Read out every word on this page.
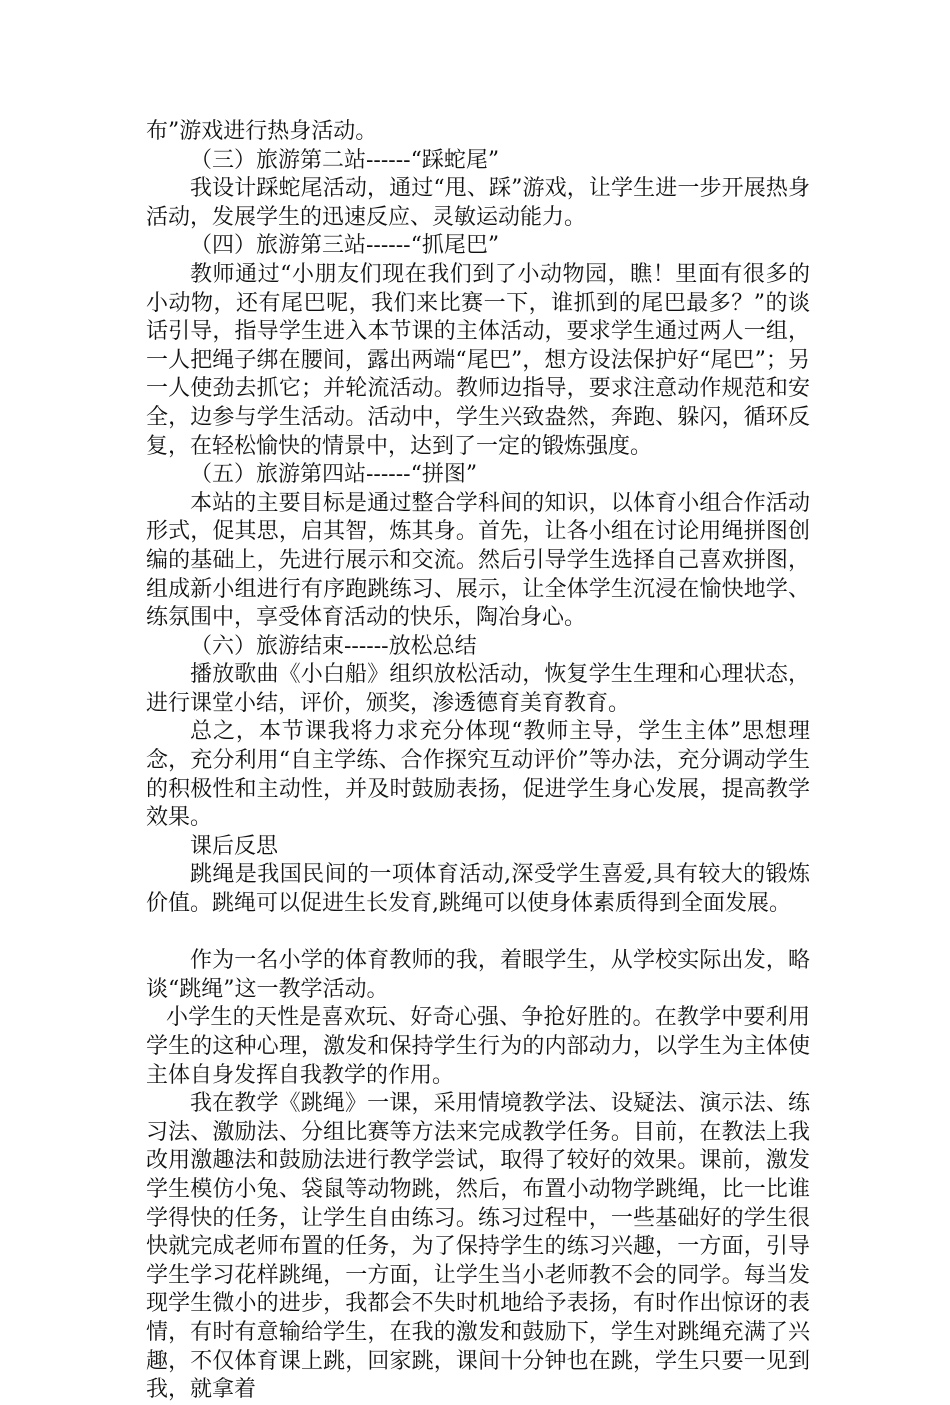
布”游戏进行热身活动。

（三）旅游第二站------“踩蛇尾”

我设计踩蛇尾活动，通过“甩、踩”游戏，让学生进一步开展热身活动，发展学生的迅速反应、灵敏运动能力。

（四）旅游第三站------“抓尾巴”

教师通过“小朋友们现在我们到了小动物园，瞧！里面有很多的小动物，还有尾巴呢，我们来比赛一下，谁抓到的尾巴最多？”的谈话引导，指导学生进入本节课的主体活动，要求学生通过两人一组，一人把绳子绑在腰间，露出两端“尾巴”，想方设法保护好“尾巴”；另一人使劲去抓它；并轮流活动。教师边指导，要求注意动作规范和安全，边参与学生活动。活动中，学生兴致盎然，奔跑、躲闪，循环反复，在轻松愉快的情景中，达到了一定的锻炼强度。

（五）旅游第四站------“拼图”

本站的主要目标是通过整合学科间的知识，以体育小组合作活动形式，促其思，启其智，炼其身。首先，让各小组在讨论用绳拼图创编的基础上，先进行展示和交流。然后引导学生选择自己喜欢拼图，组成新小组进行有序跑跳练习、展示，让全体学生沉浸在愉快地学、练氛围中，享受体育活动的快乐，陶冶身心。

（六）旅游结束------放松总结

播放歌曲《小白船》组织放松活动，恢复学生生理和心理状态，进行课堂小结，评价，颁奖，渗透德育美育教育。

总之，本节课我将力求充分体现“教师主导，学生主体”思想理念，充分利用“自主学练、合作探究互动评价”等办法，充分调动学生的积极性和主动性，并及时鼓励表扬，促进学生身心发展，提高教学效果。

课后反思

跳绳是我国民间的一项体育活动,深受学生喜爱,具有较大的锻炼价值。跳绳可以促进生长发育,跳绳可以使身体素质得到全面发展。

作为一名小学的体育教师的我，着眼学生，从学校实际出发，略谈“跳绳”这一教学活动。

小学生的天性是喜欢玩、好奇心强、争抢好胜的。在教学中要利用学生的这种心理，激发和保持学生行为的内部动力，以学生为主体使主体自身发挥自我教学的作用。

我在教学《跳绳》一课，采用情境教学法、设疑法、演示法、练习法、激励法、分组比赛等方法来完成教学任务。目前，在教法上我改用激趣法和鼓励法进行教学尝试，取得了较好的效果。课前，激发学生模仿小兔、袋鼠等动物跳，然后，布置小动物学跳绳，比一比谁学得快的任务，让学生自由练习。练习过程中，一些基础好的学生很快就完成老师布置的任务，为了保持学生的练习兴趣，一方面，引导学生学习花样跳绳，一方面，让学生当小老师教不会的同学。每当发现学生微小的进步，我都会不失时机地给予表扬，有时作出惊讶的表情，有时有意输给学生，在我的激发和鼓励下，学生对跳绳充满了兴趣，不仅体育课上跳，回家跳，课间十分钟也在跳，学生只要一见到我，就拿着
